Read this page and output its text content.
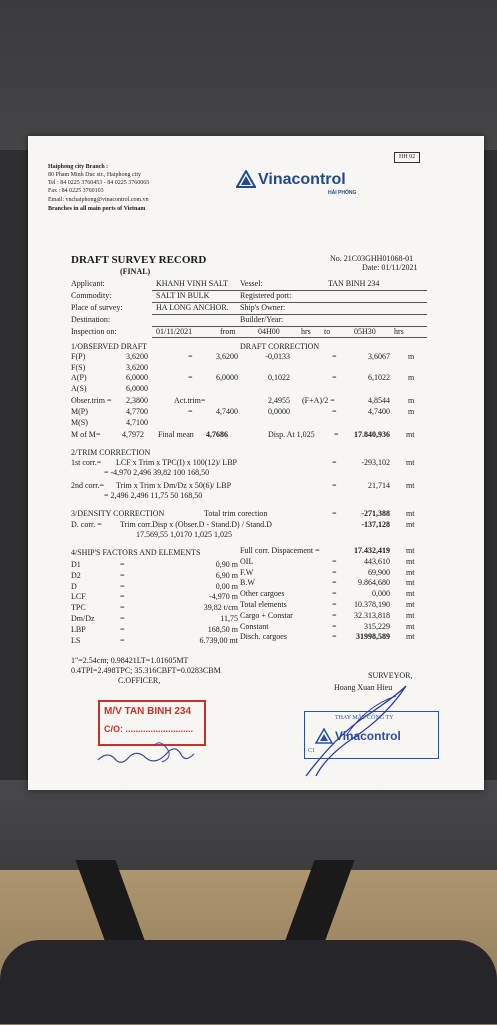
HH 02
Haiphong city Branch :
80 Pham Minh Duc str., Haiphong city
Tel : 84 0225 3760453 - 84 0225 3760065
Fax : 84 0225 3760103
Email: vnchaiphong@vinacontrol.com.vn
Branches in all main ports of Vietnam
Vinacontrol
HẢI PHÒNG
DRAFT SURVEY RECORD
(FINAL)
No. 21C03GHH01068-01
Date: 01/11/2021
Applicant:	KHANH VINH SALT Vessel:	TAN BINH 234
Commodity:	SALT IN BULK	Registered port:
Place of survey:	HA LONG ANCHOR. Ship's Owner:
Destination:	Builder/Year:
Inspection on:	01/11/2021	from	04H00	hrs to	05H30 hrs
1/OBSERVED DRAFT	DRAFT CORRECTION
F(P)	3,6200	=	3,6200	-0,0133	=	3,6067 m
F(S)	3,6200
A(P)	6,0000	=	6,0000	0,1022	=	6,1022 m
A(S)	6,0000
Obser.trim =	2,3800	Act.trim=	2,4955 (F+A)/2 =	4,8544 m
M(P)	4,7700	=	4,7400	0,0000	=	4,7400 m
M(S)	4,7100
M of M=	4,7972 Final mean 4,7686	Disp. At 1,025 =	17.840,936 mt
2/TRIM CORRECTION
1st corr.= LCF x Trim x TPC(I) x 100(12)/ LBP
= -4,970 2,496 39,82 100 168,50
=	-293,102 mt
2nd corr.= Trim x Trim x Dm/Dz x 50(6)/ LBP
= 2,496 2,496 11,75 50 168,50
=	21,714 mt
3/DENSITY CORRECTION	Total trim corection	=	-271,388 mt
D. corr. = Trim corr.Disp x (Obser.D - Stand.D) / Stand.D
17.569,55 1,0170 1,025 1,025
-137,128 mt
4/SHIP'S FACTORS AND ELEMENTS
D1	=	0,90 m
D2	=	6,90 m
D	=	0,00 m
LCF	=	-4,970 m
TPC	=	39,82 t/cm
Dm/Dz	=	11,75
LBP	=	168,50 m
LS	=	6.739,00 mt
Full corr. Dispacement =	17.432,419 mt
OIL	=	443,610 mt
F.W	=	69,900 mt
B.W	=	9.864,680 mt
Other cargoes	=	0,000 mt
Total elements	=	10.378,190 mt
Cargo + Constar	=	32.313,818 mt
Constant	=	315,229 mt
Disch. cargoes	=	31998,589 mt
1"=2.54cm; 0.98421LT=1.01605MT
0.4TPI=2.498TPC; 35.316CBFT=0.0283CBM
C.OFFICER,
SURVEYOR,
Hoang Xuan Hieu
M/V TAN BINH 234
C/O: ...........................
THAY MẶT CÔNG TY
Vinacontrol
C1
